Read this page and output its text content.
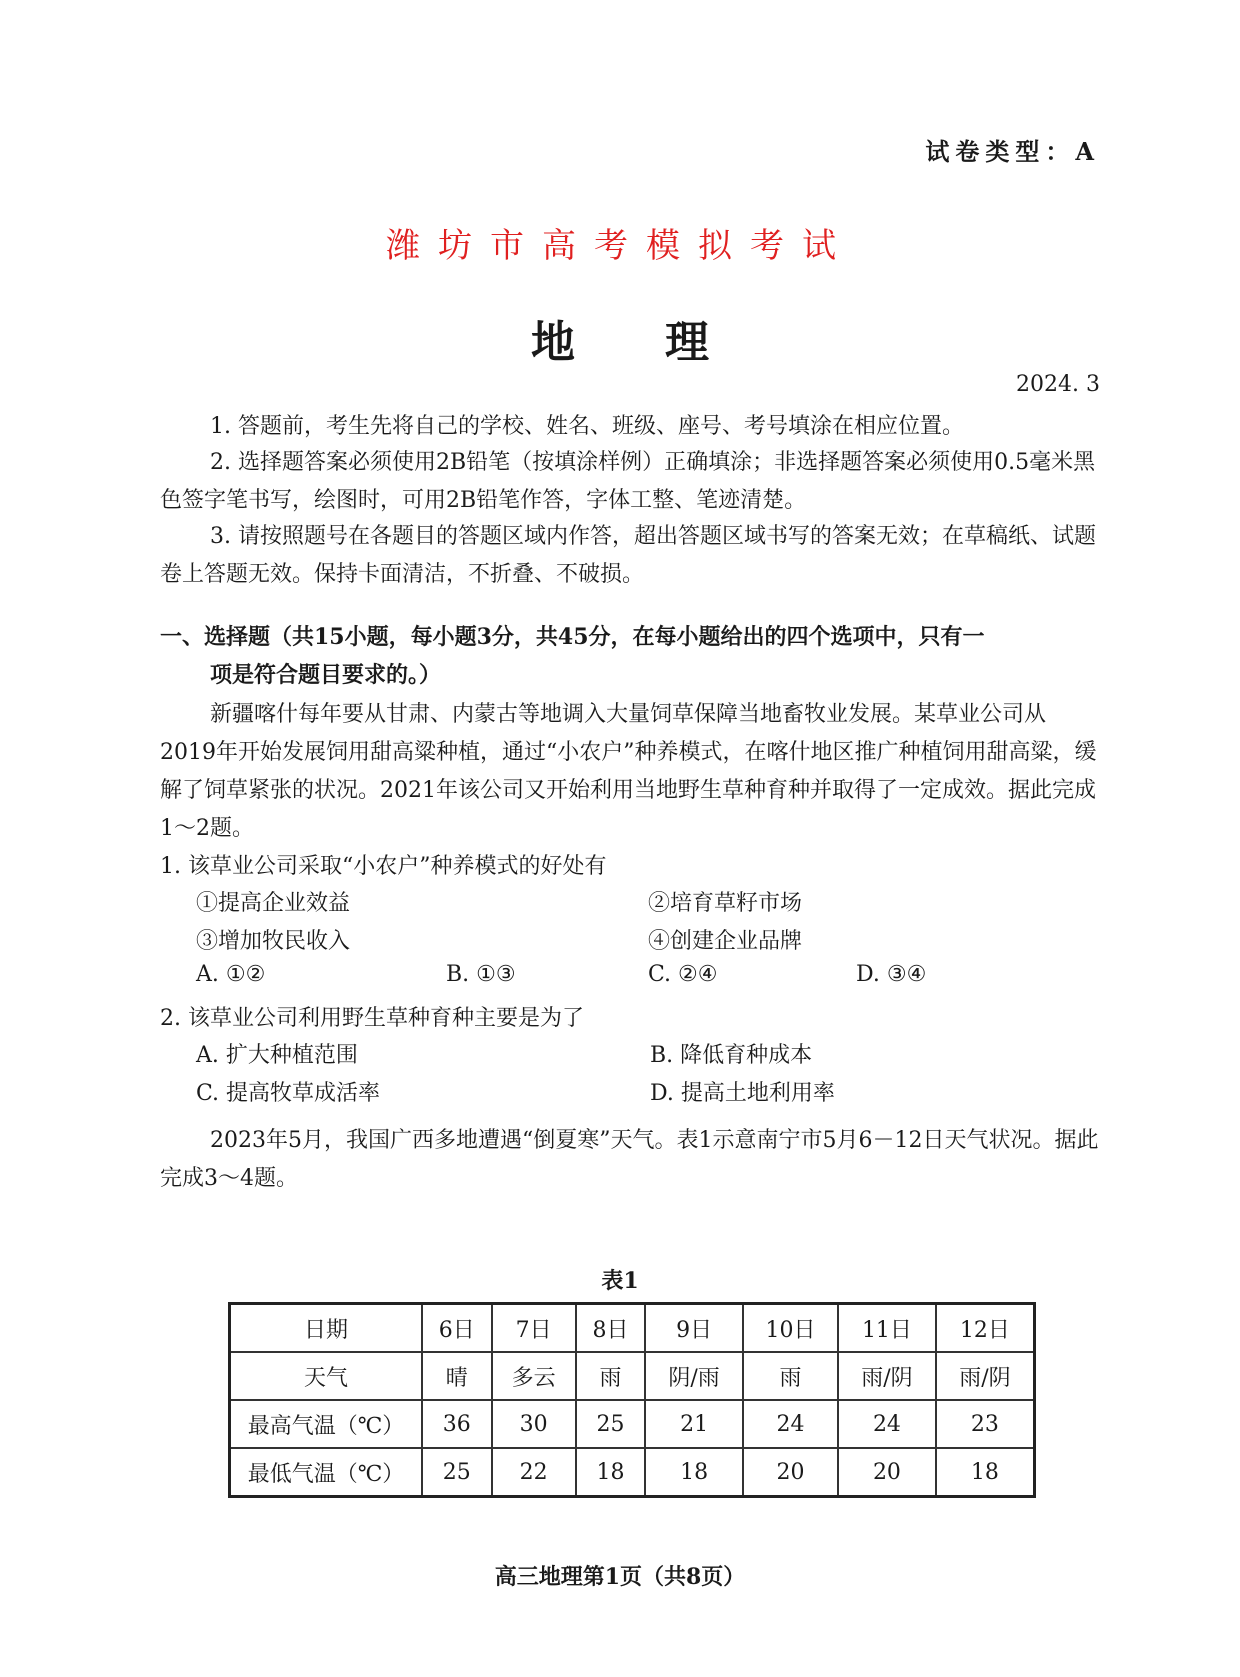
试卷类型：A
潍坊市高考模拟考试
地理
2024. 3
1. 答题前，考生先将自己的学校、姓名、班级、座号、考号填涂在相应位置。
2. 选择题答案必须使用2B铅笔（按填涂样例）正确填涂；非选择题答案必须使用0.5毫米黑色签字笔书写，绘图时，可用2B铅笔作答，字体工整、笔迹清楚。
3. 请按照题号在各题目的答题区域内作答，超出答题区域书写的答案无效；在草稿纸、试题卷上答题无效。保持卡面清洁，不折叠、不破损。
一、选择题（共15小题，每小题3分，共45分，在每小题给出的四个选项中，只有一
项是符合题目要求的。）
新疆喀什每年要从甘肃、内蒙古等地调入大量饲草保障当地畜牧业发展。某草业公司从2019年开始发展饲用甜高粱种植，通过“小农户”种养模式，在喀什地区推广种植饲用甜高粱，缓解了饲草紧张的状况。2021年该公司又开始利用当地野生草种育种并取得了一定成效。据此完成1～2题。
1. 该草业公司采取“小农户”种养模式的好处有
①提高企业效益	②培育草籽市场
③增加牧民收入	④创建企业品牌
A. ①②	B. ①③	C. ②④	D. ③④
2. 该草业公司利用野生草种育种主要是为了
A. 扩大种植范围	B. 降低育种成本
C. 提高牧草成活率	D. 提高土地利用率
2023年5月，我国广西多地遭遇“倒夏寒”天气。表1示意南宁市5月6－12日天气状况。据此完成3～4题。
表1
日期	6日	7日	8日	9日	10日	11日	12日
天气	晴	多云	雨	阴/雨	雨	雨/阴	雨/阴
最高气温（℃）	36	30	25	21	24	24	23
最低气温（℃）	25	22	18	18	20	20	18
高三地理第1页（共8页）
